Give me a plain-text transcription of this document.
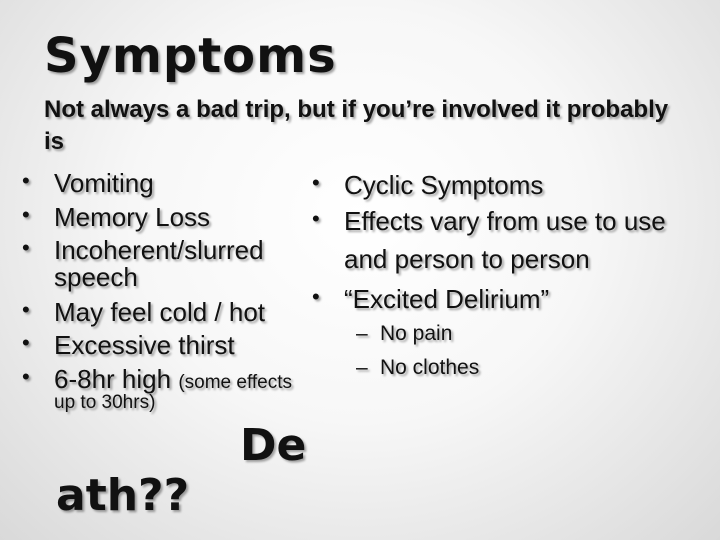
Symptoms
Not always a bad trip, but if you’re involved it probably is
• Vomiting
• Memory Loss
• Incoherent/slurred
speech
• May feel cold / hot
• Excessive thirst
• 6-8hr high (some effects
up to 30hrs)
• Cyclic Symptoms
• Effects vary from use to use
and person to person
• “Excited Delirium”
– No pain
– No clothes
De
ath??
